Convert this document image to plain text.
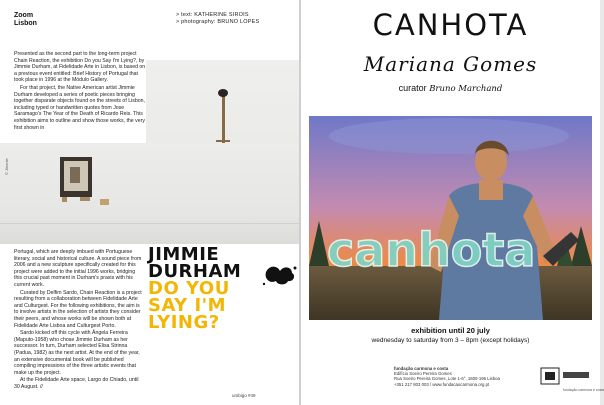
Zoom
Lisbon
> text: KATHERINE SIROIS
> photography: BRUNO LOPES

Presented as the second part to the long-term project Chain Reaction, the exhibition Do you Say I'm Lying?, by Jimmie Durham, at Fidelidade Arte in Lisbon, is based on a previous event entitled: Brief History of Portugal that took place in 1996 at the Módulo Gallery.

For that project, the Native American artist Jimmie Durham developed a series of poetic pieces bringing together disparate objects found on the streets of Lisbon, including typed or handwritten quotes from Jose Saramago's The Year of the Death of Ricardo Reis. This exhibition aims to outline and show those works, the very first shown in

© Jimmie

Portugal, which are deeply imbued with Portuguese literary, social and historical culture. A sound piece from 2006 and a new sculpture specifically created for this project were added to the initial 1996 works, bridging this crucial past moment in Durham's praxis with his current work.

Curated by Delfim Sardo, Chain Reaction is a project resulting from a collaboration between Fidelidade Arte and Culturgest. For the following exhibitions, the aim is to involve artists in the selection of artists they consider their peers, and whose works will be shown both at Fidelidade Arte Lisboa and Culturgest Porto.

Sardo kicked off this cycle with Ângela Ferreira (Maputo-1958) who chose Jimmie Durham as her successor. In turn, Durham selected Elisa Strinna (Padua, 1982) as the next artist. At the end of the year, an extensive documental book will be published compiling impressions of the three artistic events that make up the project.

At the Fidelidade Arte space, Largo do Chiado, until 30 August. //

JIMMIE
DURHAM
DO YOU
SAY I'M
LYING?
umbigo #49
CANHOTA
Mariana Gomes
curator Bruno Marchand
canhota
exhibition until 20 july
wednesday to saturday from 3 – 8pm (except holidays)
fundação carmona e costa
Edifício Soeiro Pereira Gomes
Rua Soeiro Pereira Gomes, Lote 1-6°, 1600-196 Lisboa
+351 217 803 003 / www.fundacaocarmona.org.pt
fundação carmona e costa
